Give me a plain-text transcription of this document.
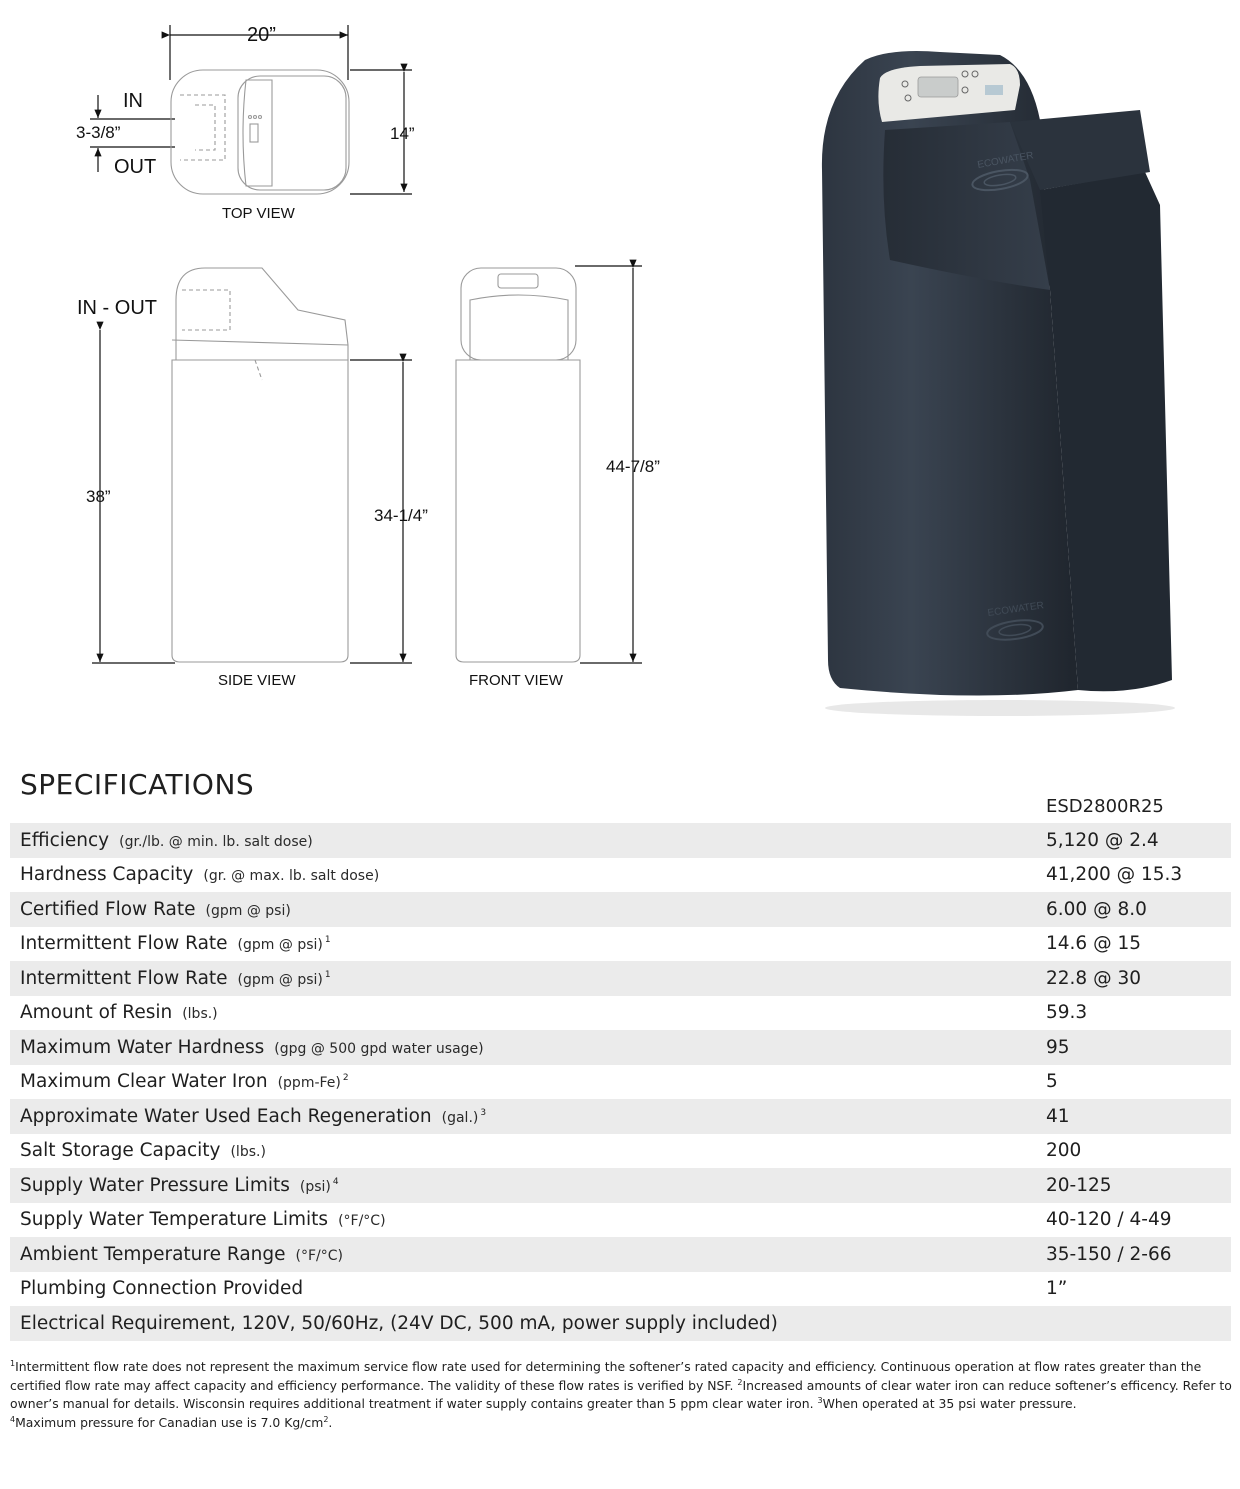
20”
14”
IN
3-3/8”
OUT
TOP VIEW
IN - OUT
38”
34-1/4”
44-7/8”
SIDE VIEW	FRONT VIEW
ECOWATER
ECOWATER
SPECIFICATIONS
ESD2800R25
Efficiency (gr./lb. @ min. lb. salt dose)	5,120 @ 2.4
Hardness Capacity (gr. @ max. lb. salt dose)	41,200 @ 15.3
Certified Flow Rate (gpm @ psi)	6.00 @ 8.0
Intermittent Flow Rate (gpm @ psi) $^1$	14.6 @ 15
Intermittent Flow Rate (gpm @ psi) $^1$	22.8 @ 30
Amount of Resin (lbs.)	59.3
Maximum Water Hardness (gpg @ 500 gpd water usage)	95
Maximum Clear Water Iron (ppm-Fe) $^2$	5
Approximate Water Used Each Regeneration (gal.) $^3$	41
Salt Storage Capacity (lbs.)	200
Supply Water Pressure Limits (psi) $^4$	20-125
Supply Water Temperature Limits (°F/°C)	40-120 / 4-49
Ambient Temperature Range (°F/°C)	35-150 / 2-66
Plumbing Connection Provided	1”
Electrical Requirement, 120V, 50/60Hz, (24V DC, 500 mA, power supply included)
$^1$Intermittent flow rate does not represent the maximum service flow rate used for determining the softener’s rated capacity and efficiency. Continuous operation at flow rates greater than the certified flow rate may affect capacity and efficiency performance. The validity of these flow rates is verified by NSF. $^2$Increased amounts of clear water iron can reduce softener’s efficency. Refer to owner’s manual for details. Wisconsin requires additional treatment if water supply contains greater than 5 ppm clear water iron. $^3$When operated at 35 psi water pressure.
$^4$Maximum pressure for Canadian use is 7.0 $Kg/cm^2$.
